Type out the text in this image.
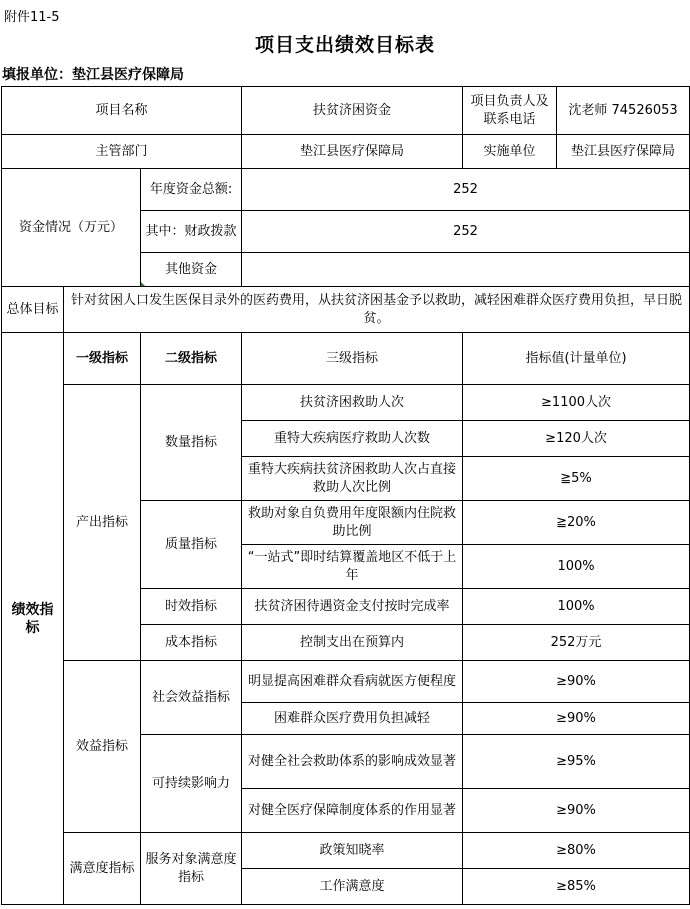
附件11-5
项目支出绩效目标表
填报单位：垫江县医疗保障局
项目名称			扶贫济困资金	项目负责人及联系电话	沈老师 74526053
主管部门			垫江县医疗保障局	实施单位	垫江县医疗保障局
资金情况（万元）		年度资金总额:	252		
		其中：财政拨款	252		
		其他资金			
总体目标	针对贫困人口发生医保目录外的医药费用，从扶贫济困基金予以救助，减轻困难群众医疗费用负担，早日脱贫。				
绩效指标	一级指标	二级指标	三级指标	指标值(计量单位)	
	产出指标	数量指标	扶贫济困救助人次	≥1100人次	
			重特大疾病医疗救助人次数	≥120人次	
			重特大疾病扶贫济困救助人次占直接救助人次比例	≧5%	
		质量指标	救助对象自负费用年度限额内住院救助比例	≧20%	
			“一站式”即时结算覆盖地区不低于上年	100%	
		时效指标	扶贫济困待遇资金支付按时完成率	100%	
		成本指标	控制支出在预算内	252万元	
	效益指标	社会效益指标	明显提高困难群众看病就医方便程度	≥90%	
			困难群众医疗费用负担减轻	≥90%	
		可持续影响力	对健全社会救助体系的影响成效显著	≥95%	
			对健全医疗保障制度体系的作用显著	≥90%	
	满意度指标	服务对象满意度指标	政策知晓率	≥80%	
			工作满意度	≥85%	
